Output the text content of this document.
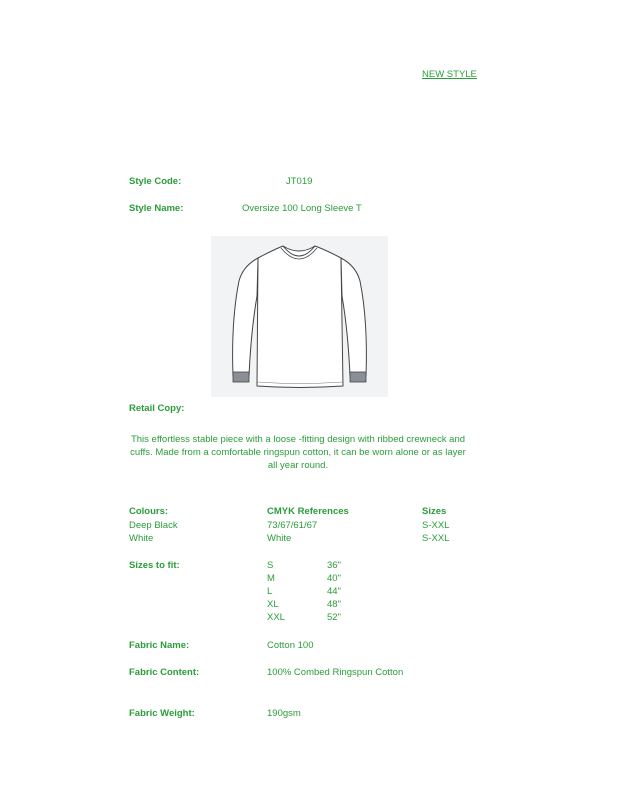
NEW STYLE
Style Code:	JT019
Style Name:	Oversize 100 Long Sleeve T
Retail Copy:
This effortless stable piece with a loose -fitting design with ribbed crewneck and
cuffs. Made from a comfortable ringspun cotton, it can be worn alone or as layer
all year round.
Colours:	CMYK References	Sizes
Deep Black	73/67/61/67	S-XXL
White	White	S-XXL
Sizes to fit:	S	36"
M	40"
L	44"
XL	48"
XXL	52"
Fabric Name:	Cotton 100
Fabric Content:	100% Combed Ringspun Cotton
Fabric Weight:	190gsm
